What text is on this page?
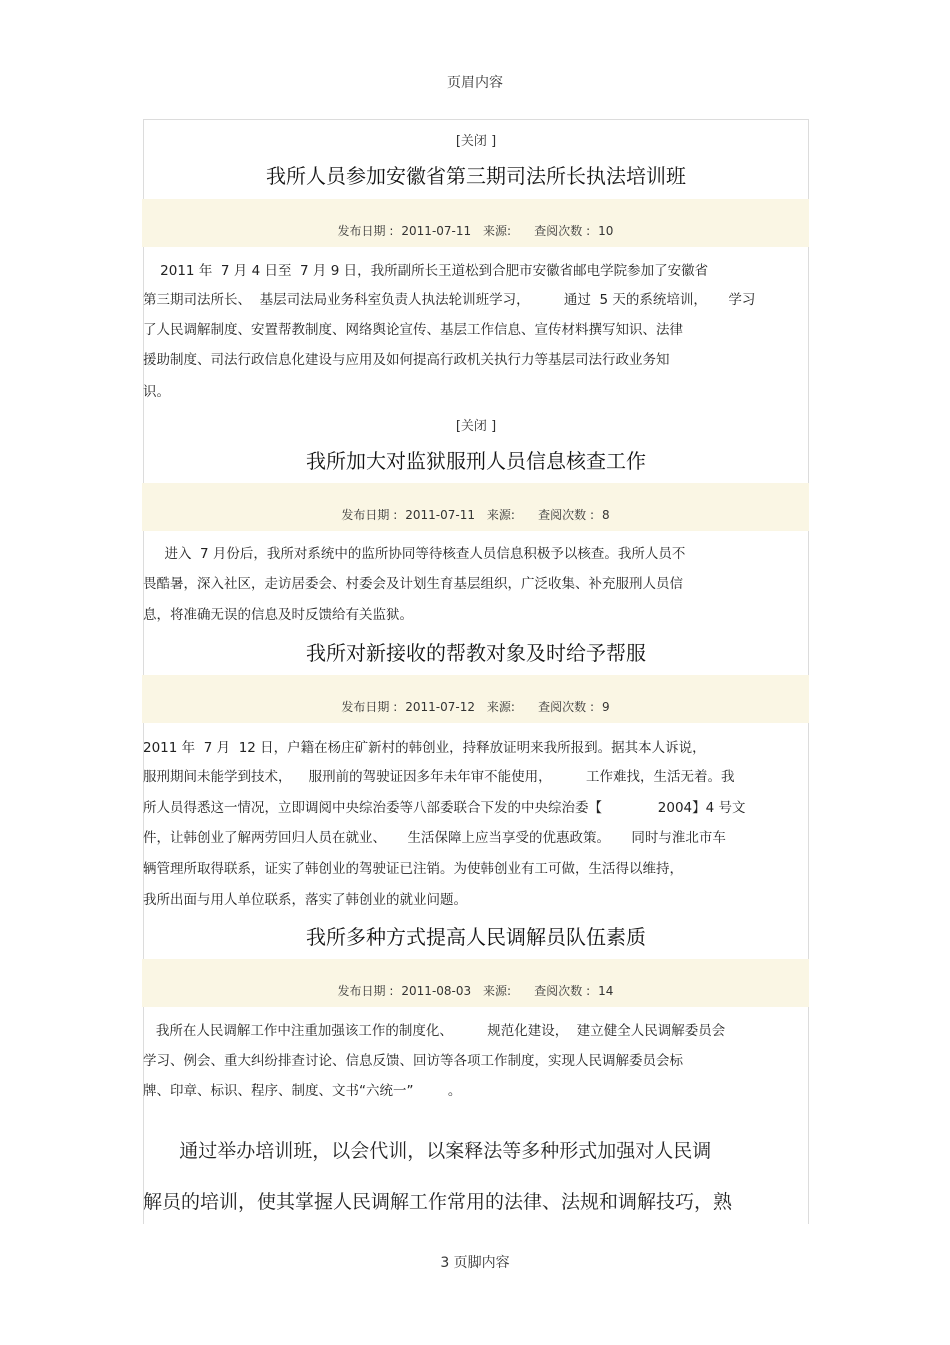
页眉内容
[关闭 ]
我所人员参加安徽省第三期司法所长执法培训班
发布日期 : 2011-07-11 来源: 查阅次数 : 10
2011 年  7 月 4 日至  7 月 9 日，我所副所长王道松到合肥市安徽省邮电学院参加了安徽省
第三期司法所长、  基层司法局业务科室负责人执法轮训班学习，        通过  5 天的系统培训，     学习
了人民调解制度、安置帮教制度、网络舆论宣传、基层工作信息、宣传材料撰写知识、法律
援助制度、司法行政信息化建设与应用及如何提高行政机关执行力等基层司法行政业务知
识。
[关闭 ]
我所加大对监狱服刑人员信息核查工作
发布日期 : 2011-07-11 来源: 查阅次数 : 8
进入  7 月份后，我所对系统中的监所协同等待核查人员信息积极予以核查。我所人员不
畏酷暑，深入社区，走访居委会、村委会及计划生育基层组织，广泛收集、补充服刑人员信
息，将准确无误的信息及时反馈给有关监狱。
我所对新接收的帮教对象及时给予帮服
发布日期 : 2011-07-12 来源: 查阅次数 : 9
2011 年  7 月  12 日，户籍在杨庄矿新村的韩创业，持释放证明来我所报到。据其本人诉说，
服刑期间未能学到技术，    服刑前的驾驶证因多年未年审不能使用，        工作难找，生活无着。我
所人员得悉这一情况，立即调阅中央综治委等八部委联合下发的中央综治委【             2004】4 号文
件，让韩创业了解两劳回归人员在就业、     生活保障上应当享受的优惠政策。     同时与淮北市车
辆管理所取得联系，证实了韩创业的驾驶证已注销。为使韩创业有工可做，生活得以维持，
我所出面与用人单位联系，落实了韩创业的就业问题。
我所多种方式提高人民调解员队伍素质
发布日期 : 2011-08-03 来源: 查阅次数 : 14
我所在人民调解工作中注重加强该工作的制度化、        规范化建设，  建立健全人民调解委员会
学习、例会、重大纠纷排查讨论、信息反馈、回访等各项工作制度，实现人民调解委员会标
牌、印章、标识、程序、制度、文书“六统一”        。
通过举办培训班，以会代训，以案释法等多种形式加强对人民调
解员的培训，使其掌握人民调解工作常用的法律、法规和调解技巧，熟
3 页脚内容
